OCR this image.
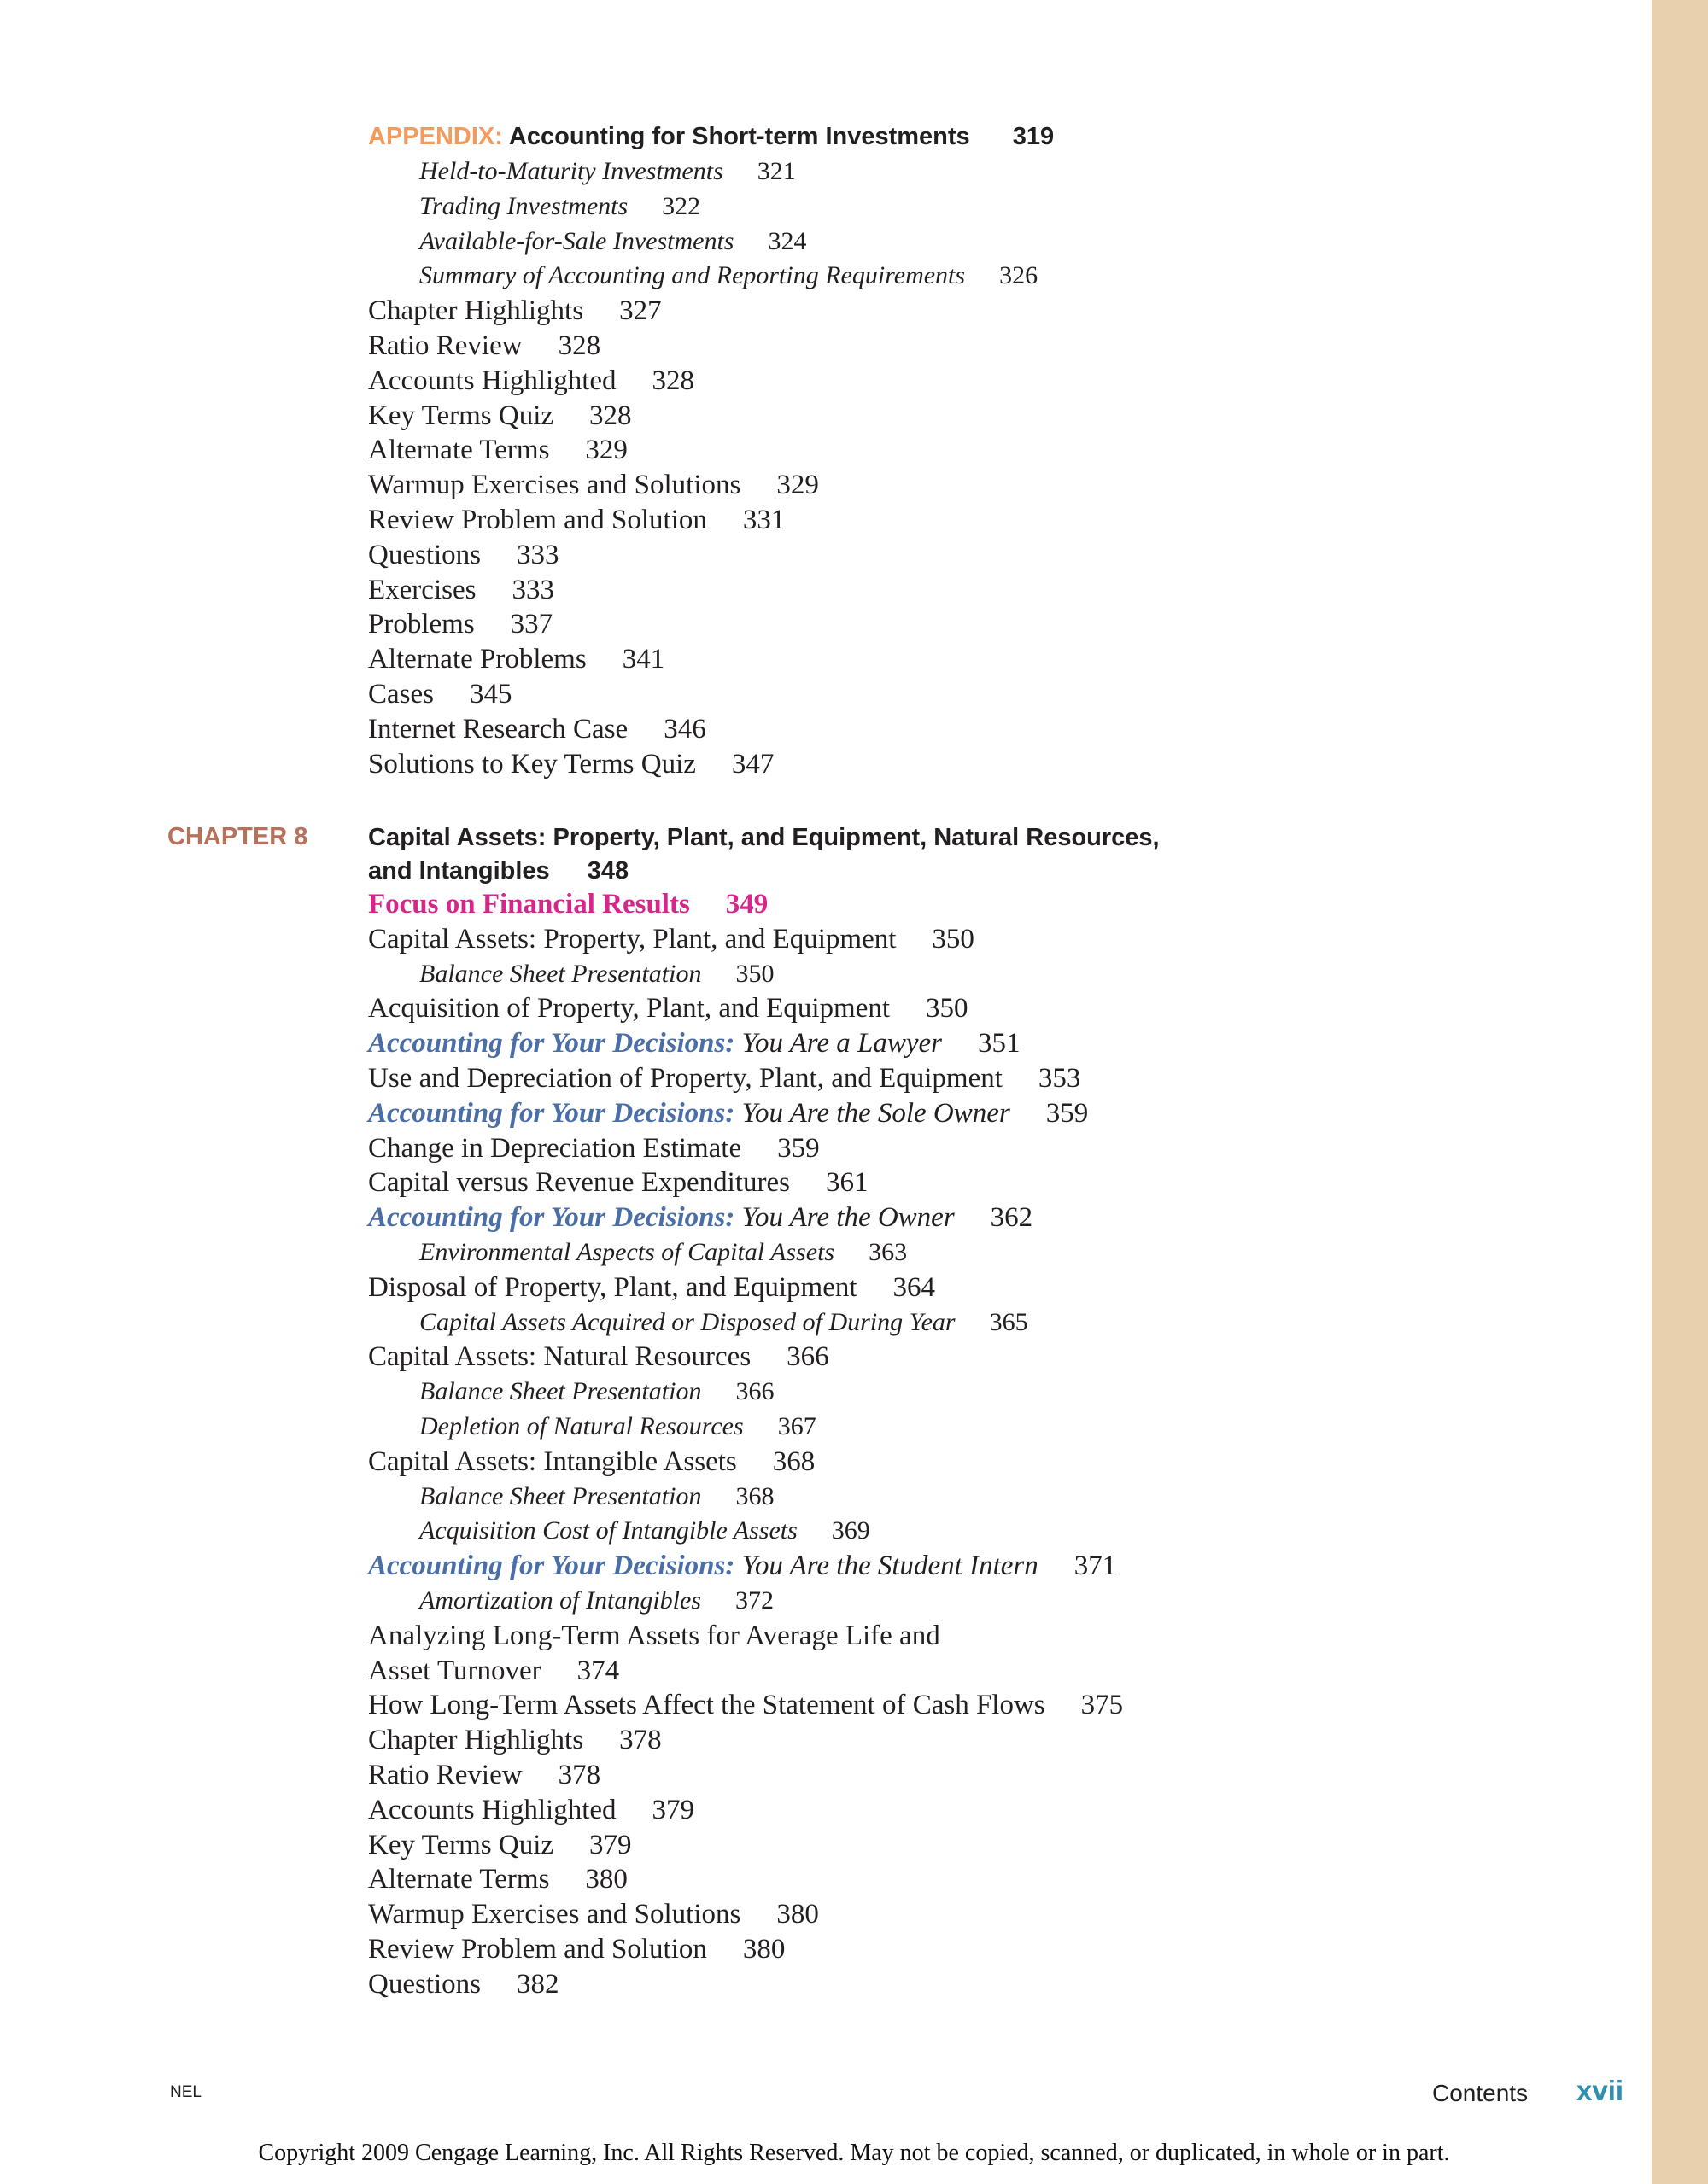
APPENDIX: Accounting for Short-term Investments 319
Held-to-Maturity Investments 321
Trading Investments 322
Available-for-Sale Investments 324
Summary of Accounting and Reporting Requirements 326
Chapter Highlights 327
Ratio Review 328
Accounts Highlighted 328
Key Terms Quiz 328
Alternate Terms 329
Warmup Exercises and Solutions 329
Review Problem and Solution 331
Questions 333
Exercises 333
Problems 337
Alternate Problems 341
Cases 345
Internet Research Case 346
Solutions to Key Terms Quiz 347
CHAPTER 8 Capital Assets: Property, Plant, and Equipment, Natural Resources,
and Intangibles 348
Focus on Financial Results 349
Capital Assets: Property, Plant, and Equipment 350
Balance Sheet Presentation 350
Acquisition of Property, Plant, and Equipment 350
Accounting for Your Decisions: You Are a Lawyer 351
Use and Depreciation of Property, Plant, and Equipment 353
Accounting for Your Decisions: You Are the Sole Owner 359
Change in Depreciation Estimate 359
Capital versus Revenue Expenditures 361
Accounting for Your Decisions: You Are the Owner 362
Environmental Aspects of Capital Assets 363
Disposal of Property, Plant, and Equipment 364
Capital Assets Acquired or Disposed of During Year 365
Capital Assets: Natural Resources 366
Balance Sheet Presentation 366
Depletion of Natural Resources 367
Capital Assets: Intangible Assets 368
Balance Sheet Presentation 368
Acquisition Cost of Intangible Assets 369
Accounting for Your Decisions: You Are the Student Intern 371
Amortization of Intangibles 372
Analyzing Long-Term Assets for Average Life and
Asset Turnover 374
How Long-Term Assets Affect the Statement of Cash Flows 375
Chapter Highlights 378
Ratio Review 378
Accounts Highlighted 379
Key Terms Quiz 379
Alternate Terms 380
Warmup Exercises and Solutions 380
Review Problem and Solution 380
Questions 382
NEL	Contents xvii
Copyright 2009 Cengage Learning, Inc. All Rights Reserved. May not be copied, scanned, or duplicated, in whole or in part.
